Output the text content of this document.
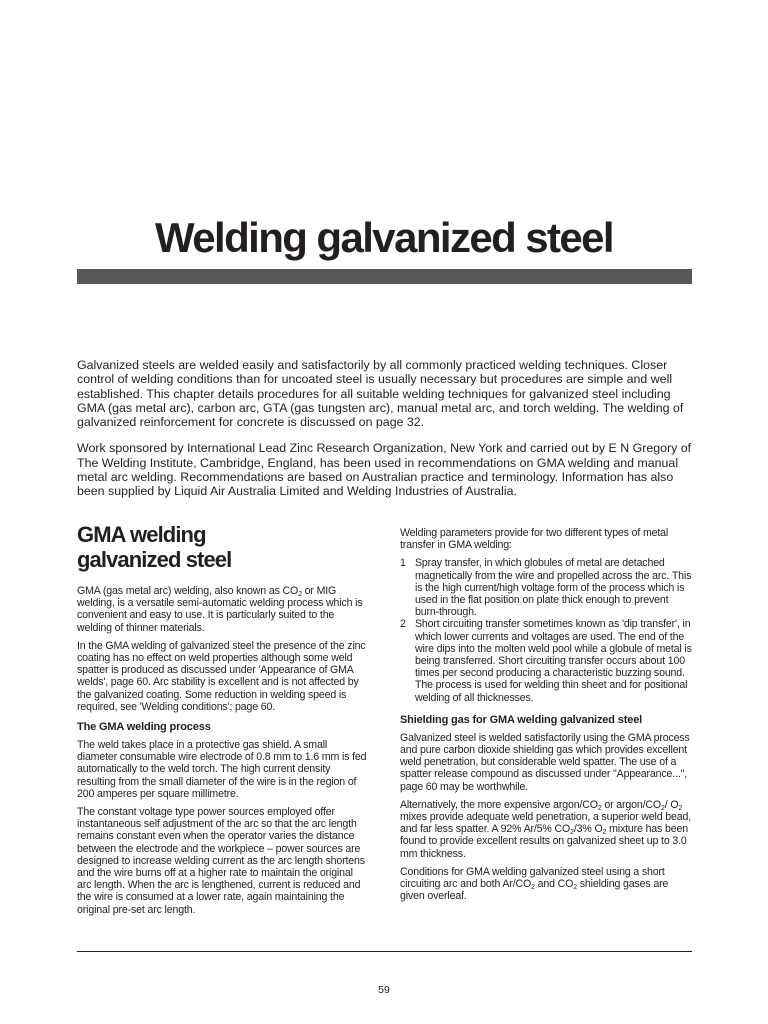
Welding galvanized steel

Galvanized steels are welded easily and satisfactorily by all commonly practiced welding techniques. Closer control of welding conditions than for uncoated steel is usually necessary but procedures are simple and well established. This chapter details procedures for all suitable welding techniques for galvanized steel including GMA (gas metal arc), carbon arc, GTA (gas tungsten arc), manual metal arc, and torch welding. The welding of galvanized reinforcement for concrete is discussed on page 32.

Work sponsored by International Lead Zinc Research Organization, New York and carried out by E N Gregory of The Welding Institute, Cambridge, England, has been used in recommendations on GMA welding and manual metal arc welding. Recommendations are based on Australian practice and terminology. Information has also been supplied by Liquid Air Australia Limited and Welding Industries of Australia.

GMA welding
galvanized steel

GMA (gas metal arc) welding, also known as $CO_2$ or MIG welding, is a versatile semi-automatic welding process which is convenient and easy to use. It is particularly suited to the welding of thinner materials.

In the GMA welding of galvanized steel the presence of the zinc coating has no effect on weld properties although some weld spatter is produced as discussed under 'Appearance of GMA welds', page 60. Arc stability is excellent and is not affected by the galvanized coating. Some reduction in welding speed is required, see 'Welding conditions'; page 60.

The GMA welding process

The weld takes place in a protective gas shield. A small diameter consumable wire electrode of 0.8 mm to 1.6 mm is fed automatically to the weld torch. The high current density resulting from the small diameter of the wire is in the region of 200 amperes per square millimetre.

The constant voltage type power sources employed offer instantaneous self adjustment of the arc so that the arc length remains constant even when the operator varies the distance between the electrode and the workpiece – power sources are designed to increase welding current as the arc length shortens and the wire burns off at a higher rate to maintain the original arc length. When the arc is lengthened, current is reduced and the wire is consumed at a lower rate, again maintaining the original pre-set arc length.

Welding parameters provide for two different types of metal transfer in GMA welding:

1 Spray transfer, in which globules of metal are detached magnetically from the wire and propelled across the arc. This is the high current/high voltage form of the process which is used in the flat position on plate thick enough to prevent burn-through.
2 Short circuiting transfer sometimes known as 'dip transfer', in which lower currents and voltages are used. The end of the wire dips into the molten weld pool while a globule of metal is being transferred. Short circuiting transfer occurs about 100 times per second producing a characteristic buzzing sound. The process is used for welding thin sheet and for positional welding of all thicknesses.
Shielding gas for GMA welding galvanized steel

Galvanized steel is welded satisfactorily using the GMA process and pure carbon dioxide shielding gas which provides excellent weld penetration, but considerable weld spatter. The use of a spatter release compound as discussed under "Appearance...", page 60 may be worthwhile.

Alternatively, the more expensive argon/$CO_2$ or argon/$CO_2/$ $O_2$ mixes provide adequate weld penetration, a superior weld bead, and far less spatter. A 92% Ar/5% $CO_2/3\%$ $O_2$ mixture has been found to provide excellent results on galvanized sheet up to 3.0 mm thickness.

Conditions for GMA welding galvanized steel using a short circuiting arc and both $Ar/CO_2$ and $CO_2$ shielding gases are given overleaf.

59
